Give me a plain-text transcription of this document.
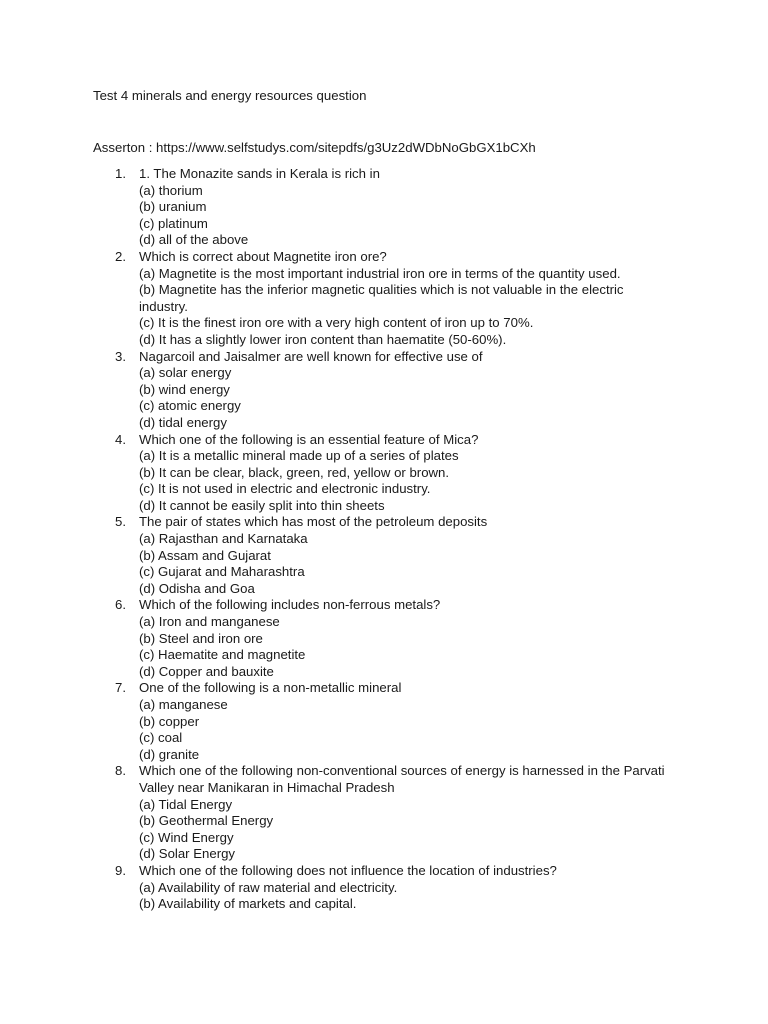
Test 4 minerals and energy resources question
Asserton : https://www.selfstudys.com/sitepdfs/g3Uz2dWDbNoGbGX1bCXh
1. 1. The Monazite sands in Kerala is rich in
(a) thorium
(b) uranium
(c) platinum
(d) all of the above
2. Which is correct about Magnetite iron ore?
(a) Magnetite is the most important industrial iron ore in terms of the quantity used.
(b) Magnetite has the inferior magnetic qualities which is not valuable in the electric industry.
(c) It is the finest iron ore with a very high content of iron up to 70%.
(d) It has a slightly lower iron content than haematite (50-60%).
3. Nagarcoil and Jaisalmer are well known for effective use of
(a) solar energy
(b) wind energy
(c) atomic energy
(d) tidal energy
4. Which one of the following is an essential feature of Mica?
(a) It is a metallic mineral made up of a series of plates
(b) It can be clear, black, green, red, yellow or brown.
(c) It is not used in electric and electronic industry.
(d) It cannot be easily split into thin sheets
5. The pair of states which has most of the petroleum deposits
(a) Rajasthan and Karnataka
(b) Assam and Gujarat
(c) Gujarat and Maharashtra
(d) Odisha and Goa
6. Which of the following includes non-ferrous metals?
(a) Iron and manganese
(b) Steel and iron ore
(c) Haematite and magnetite
(d) Copper and bauxite
7. One of the following is a non-metallic mineral
(a) manganese
(b) copper
(c) coal
(d) granite
8. Which one of the following non-conventional sources of energy is harnessed in the Parvati Valley near Manikaran in Himachal Pradesh
(a) Tidal Energy
(b) Geothermal Energy
(c) Wind Energy
(d) Solar Energy
9. Which one of the following does not influence the location of industries?
(a) Availability of raw material and electricity.
(b) Availability of markets and capital.
